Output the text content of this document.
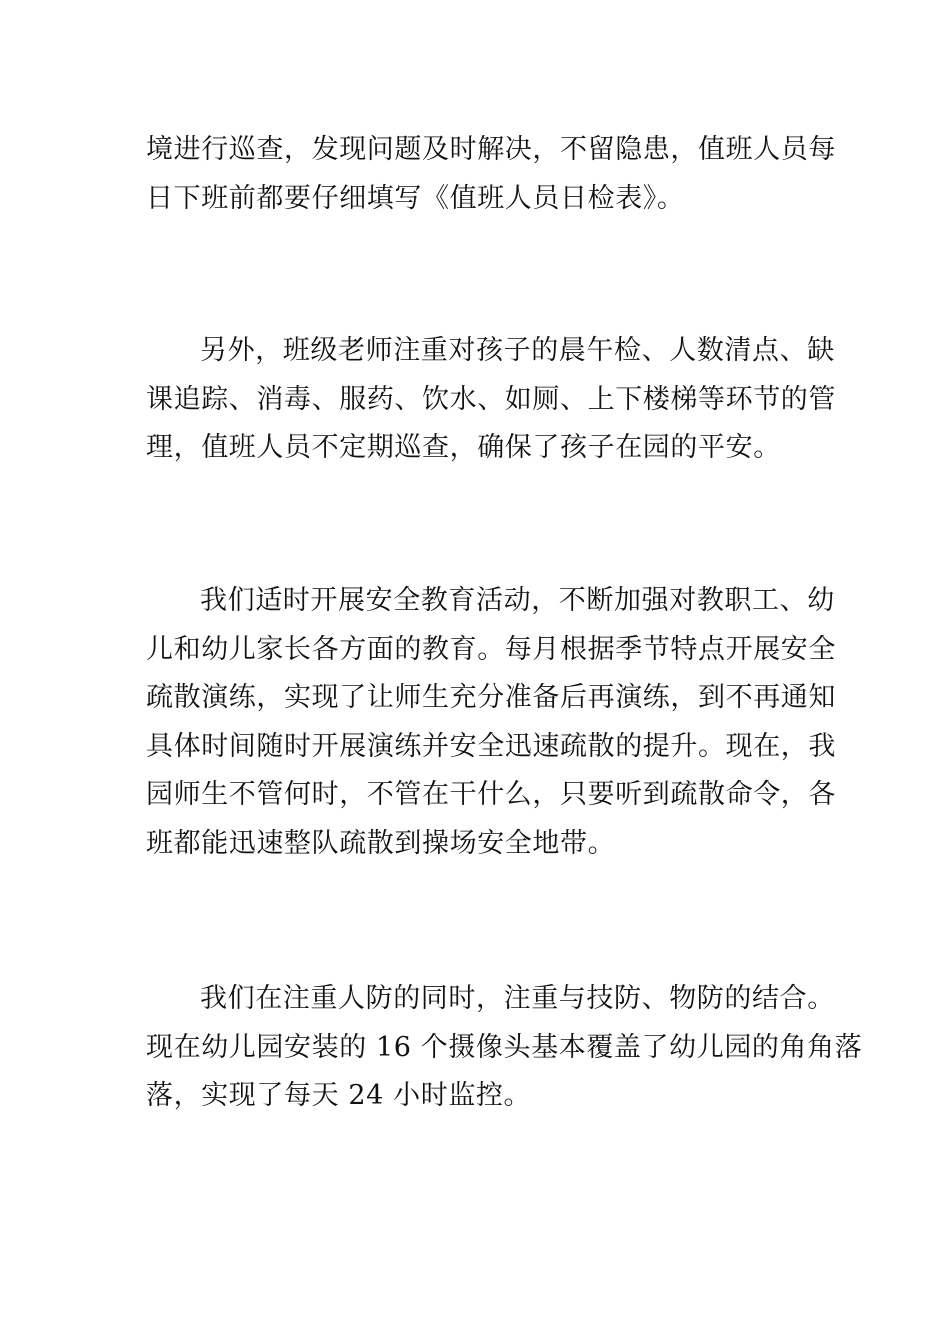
境进行巡查，发现问题及时解决，不留隐患，值班人员每
日下班前都要仔细填写《值班人员日检表》。
另外，班级老师注重对孩子的晨午检、人数清点、缺
课追踪、消毒、服药、饮水、如厕、上下楼梯等环节的管
理，值班人员不定期巡查，确保了孩子在园的平安。
我们适时开展安全教育活动，不断加强对教职工、幼
儿和幼儿家长各方面的教育。每月根据季节特点开展安全
疏散演练，实现了让师生充分准备后再演练，到不再通知
具体时间随时开展演练并安全迅速疏散的提升。现在，我
园师生不管何时，不管在干什么，只要听到疏散命令，各
班都能迅速整队疏散到操场安全地带。
我们在注重人防的同时，注重与技防、物防的结合。
现在幼儿园安装的 16 个摄像头基本覆盖了幼儿园的角角落
落，实现了每天 24 小时监控。
